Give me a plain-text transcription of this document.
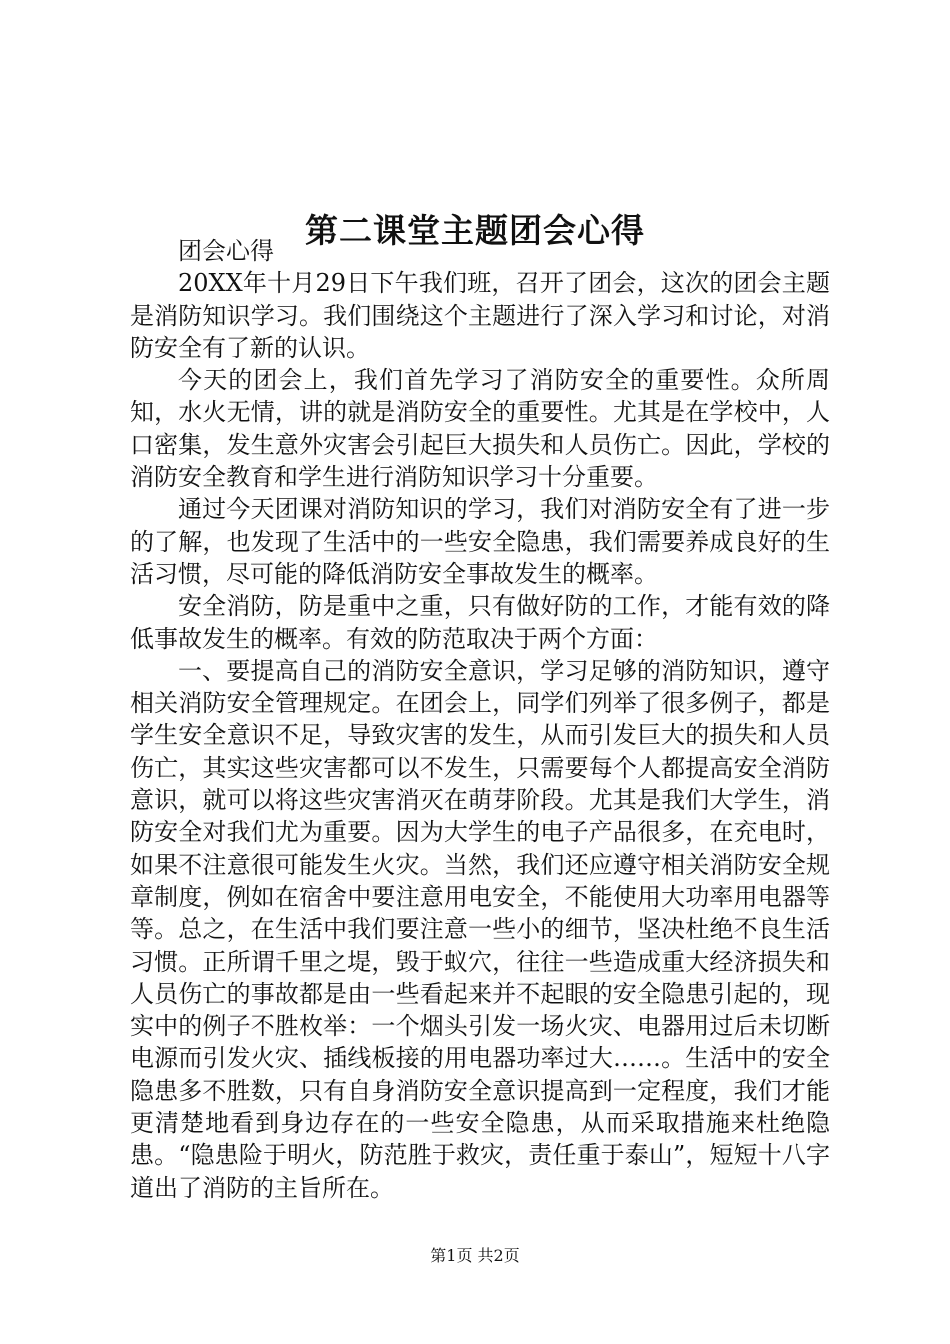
第二课堂主题团会心得

团会心得

20XX年十月29日下午我们班，召开了团会，这次的团会主题是消防知识学习。我们围绕这个主题进行了深入学习和讨论，对消防安全有了新的认识。

今天的团会上，我们首先学习了消防安全的重要性。众所周知，水火无情，讲的就是消防安全的重要性。尤其是在学校中，人口密集，发生意外灾害会引起巨大损失和人员伤亡。因此，学校的消防安全教育和学生进行消防知识学习十分重要。

通过今天团课对消防知识的学习，我们对消防安全有了进一步的了解，也发现了生活中的一些安全隐患，我们需要养成良好的生活习惯，尽可能的降低消防安全事故发生的概率。

安全消防，防是重中之重，只有做好防的工作，才能有效的降低事故发生的概率。有效的防范取决于两个方面：

一、要提高自己的消防安全意识，学习足够的消防知识，遵守相关消防安全管理规定。在团会上，同学们列举了很多例子，都是学生安全意识不足，导致灾害的发生，从而引发巨大的损失和人员伤亡，其实这些灾害都可以不发生，只需要每个人都提高安全消防意识，就可以将这些灾害消灭在萌芽阶段。尤其是我们大学生，消防安全对我们尤为重要。因为大学生的电子产品很多，在充电时，如果不注意很可能发生火灾。当然，我们还应遵守相关消防安全规章制度，例如在宿舍中要注意用电安全，不能使用大功率用电器等等。总之，在生活中我们要注意一些小的细节，坚决杜绝不良生活习惯。正所谓千里之堤，毁于蚁穴，往往一些造成重大经济损失和人员伤亡的事故都是由一些看起来并不起眼的安全隐患引起的，现实中的例子不胜枚举：一个烟头引发一场火灾、电器用过后未切断电源而引发火灾、插线板接的用电器功率过大……。生活中的安全隐患多不胜数，只有自身消防安全意识提高到一定程度，我们才能更清楚地看到身边存在的一些安全隐患，从而采取措施来杜绝隐患。“隐患险于明火，防范胜于救灾，责任重于泰山”，短短十八字道出了消防的主旨所在。

第1页 共2页
